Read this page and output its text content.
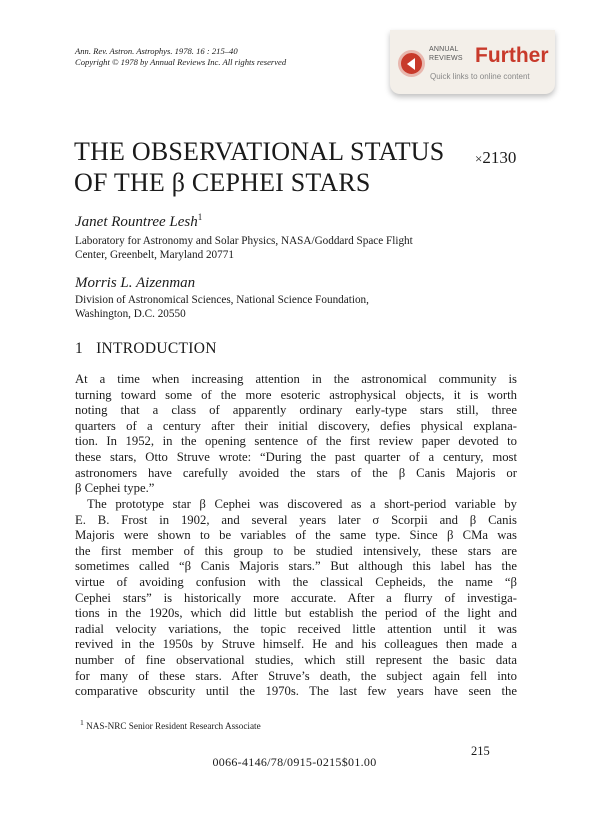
Ann. Rev. Astron. Astrophys. 1978. 16 : 215–40
Copyright © 1978 by Annual Reviews Inc. All rights reserved
ANNUAL
REVIEWS Further
Quick links to online content
THE OBSERVATIONAL STATUS
OF THE β CEPHEI STARS
×2130
Janet Rountree Lesh$^1$
Laboratory for Astronomy and Solar Physics, NASA/Goddard Space Flight
Center, Greenbelt, Maryland 20771
Morris L. Aizenman
Division of Astronomical Sciences, National Science Foundation,
Washington, D.C. 20550
1 INTRODUCTION
At a time when increasing attention in the astronomical community is
turning toward some of the more esoteric astrophysical objects, it is worth
noting that a class of apparently ordinary early-type stars still, three
quarters of a century after their initial discovery, defies physical explana-
tion. In 1952, in the opening sentence of the first review paper devoted to
these stars, Otto Struve wrote: “During the past quarter of a century, most
astronomers have carefully avoided the stars of the β Canis Majoris or
β Cephei type.”
The prototype star β Cephei was discovered as a short-period variable by
E. B. Frost in 1902, and several years later σ Scorpii and β Canis
Majoris were shown to be variables of the same type. Since β CMa was
the first member of this group to be studied intensively, these stars are
sometimes called “β Canis Majoris stars.” But although this label has the
virtue of avoiding confusion with the classical Cepheids, the name “β
Cephei stars” is historically more accurate. After a flurry of investiga-
tions in the 1920s, which did little but establish the period of the light and
radial velocity variations, the topic received little attention until it was
revived in the 1950s by Struve himself. He and his colleagues then made a
number of fine observational studies, which still represent the basic data
for many of these stars. After Struve’s death, the subject again fell into
comparative obscurity until the 1970s. The last few years have seen the
$^1$ NAS-NRC Senior Resident Research Associate
215
0066-4146/78/0915-0215$01.00
